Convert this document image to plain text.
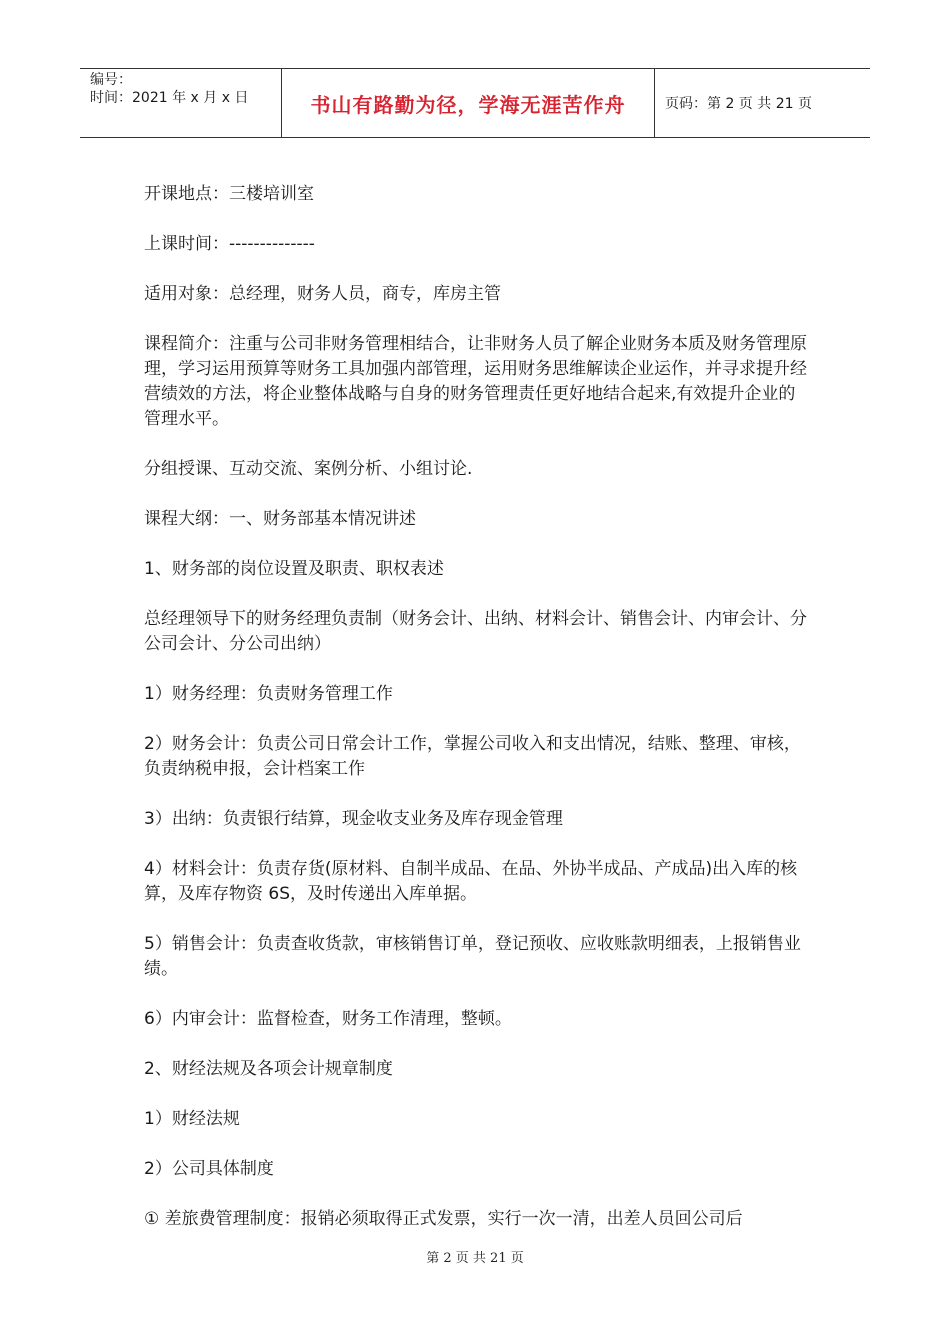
编号：
时间：2021 年 x 月 x 日	书山有路勤为径，学海无涯苦作舟	页码：第 2 页 共 21 页

开课地点：三楼培训室

上课时间：--------------

适用对象：总经理，财务人员，商专，库房主管

课程简介：注重与公司非财务管理相结合，让非财务人员了解企业财务本质及财务管理原理，学习运用预算等财务工具加强内部管理，运用财务思维解读企业运作，并寻求提升经营绩效的方法，将企业整体战略与自身的财务管理责任更好地结合起来,有效提升企业的管理水平。

分组授课、互动交流、案例分析、小组讨论.

课程大纲：一、财务部基本情况讲述

1、财务部的岗位设置及职责、职权表述

总经理领导下的财务经理负责制（财务会计、出纳、材料会计、销售会计、内审会计、分公司会计、分公司出纳）

1）财务经理：负责财务管理工作

2）财务会计：负责公司日常会计工作，掌握公司收入和支出情况，结账、整理、审核，负责纳税申报，会计档案工作

3）出纳：负责银行结算，现金收支业务及库存现金管理

4）材料会计：负责存货(原材料、自制半成品、在品、外协半成品、产成品)出入库的核算，及库存物资 6S，及时传递出入库单据。

5）销售会计：负责查收货款，审核销售订单，登记预收、应收账款明细表，上报销售业绩。

6）内审会计：监督检查，财务工作清理，整顿。

2、财经法规及各项会计规章制度

1）财经法规

2）公司具体制度

① 差旅费管理制度：报销必须取得正式发票，实行一次一清，出差人员回公司后

第 2 页 共 21 页
